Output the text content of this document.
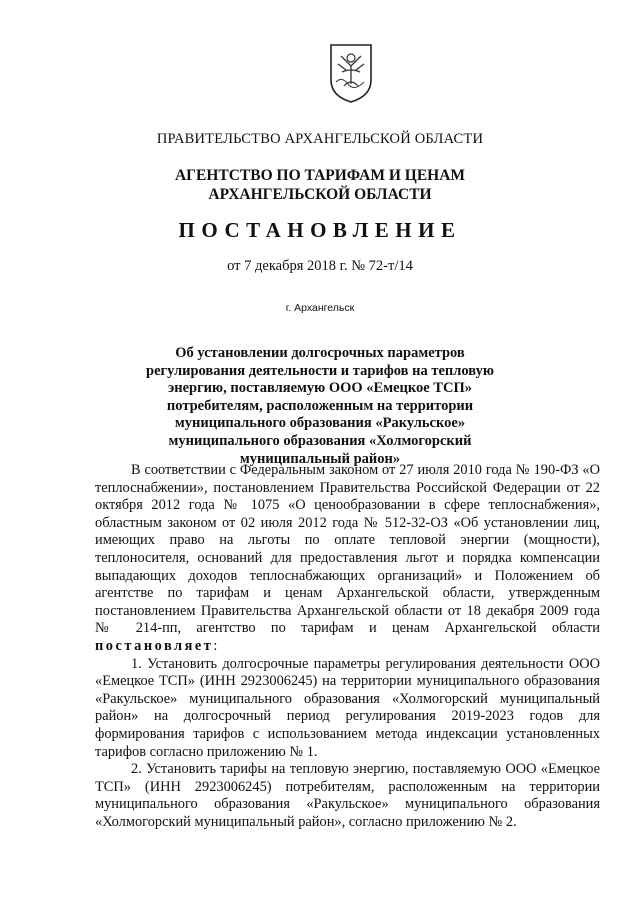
ПРАВИТЕЛЬСТВО АРХАНГЕЛЬСКОЙ ОБЛАСТИ
АГЕНТСТВО ПО ТАРИФАМ И ЦЕНАМ
АРХАНГЕЛЬСКОЙ ОБЛАСТИ
ПОСТАНОВЛЕНИЕ
от 7 декабря 2018 г. № 72-т/14
г. Архангельск
Об установлении долгосрочных параметров регулирования деятельности и тарифов на тепловую энергию, поставляемую ООО «Емецкое ТСП» потребителям, расположенным на территории муниципального образования «Ракульское» муниципального образования «Холмогорский муниципальный район»

В соответствии с Федеральным законом от 27 июля 2010 года № 190-ФЗ «О теплоснабжении», постановлением Правительства Российской Федерации от 22 октября 2012 года № 1075 «О ценообразовании в сфере теплоснабжения», областным законом от 02 июля 2012 года № 512-32-ОЗ «Об установлении лиц, имеющих право на льготы по оплате тепловой энергии (мощности), теплоносителя, оснований для предоставления льгот и порядка компенсации выпадающих доходов теплоснабжающих организаций» и Положением об агентстве по тарифам и ценам Архангельской области, утвержденным постановлением Правительства Архангельской области от 18 декабря 2009 года № 214-пп, агентство по тарифам и ценам Архангельской области постановляет:

1. Установить долгосрочные параметры регулирования деятельности ООО «Емецкое ТСП» (ИНН 2923006245) на территории муниципального образования «Ракульское» муниципального образования «Холмогорский муниципальный район» на долгосрочный период регулирования 2019-2023 годов для формирования тарифов с использованием метода индексации установленных тарифов согласно приложению № 1.

2. Установить тарифы на тепловую энергию, поставляемую ООО «Емецкое ТСП» (ИНН 2923006245) потребителям, расположенным на территории муниципального образования «Ракульское» муниципального образования «Холмогорский муниципальный район», согласно приложению № 2.
